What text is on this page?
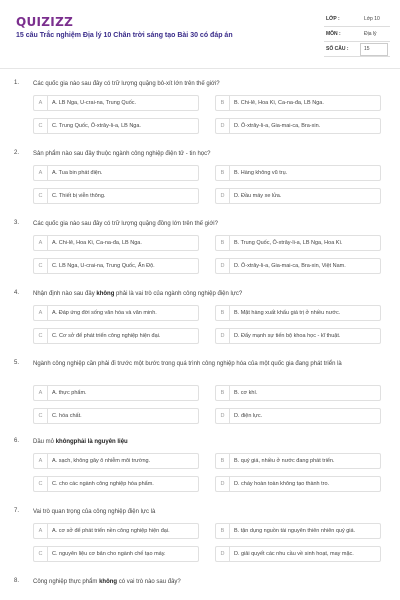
QUIZIZZ
15 câu Trắc nghiệm Địa lý 10 Chân trời sáng tạo Bài 30 có đáp án
LỚP :	Lớp 10
MÔN :	Địa lý
SỐ CÂU :	15
1. Các quốc gia nào sau đây có trữ lượng quặng bô-xít lớn trên thế giới?
A	A. LB Nga, U-crai-na, Trung Quốc.	B	B. Chi-lê, Hoa Kì, Ca-na-đa, LB Nga.
C	C. Trung Quốc, Ô-xtrây-li-a, LB Nga.	D	D. Ô-xtrây-li-a, Gia-mai-ca, Bra-xin.
2. Sản phẩm nào sau đây thuộc ngành công nghiệp điện tử - tin học?
A	A. Tua bin phát điện.	B	B. Hàng không vũ trụ.
C	C. Thiết bị viễn thông.	D	D. Đầu máy xe lửa.
3. Các quốc gia nào sau đây có trữ lượng quặng đồng lớn trên thế giới?
A	A. Chi-lê, Hoa Kì, Ca-na-đa, LB Nga.	B	B. Trung Quốc, Ô-xtrây-li-a, LB Nga, Hoa Kì.
C	C. LB Nga, U-crai-na, Trung Quốc, Ấn Độ.	D	D. Ô-xtrây-li-a, Gia-mai-ca, Bra-xin, Việt Nam.
4. Nhận định nào sau đây không phải là vai trò của ngành công nghiệp điện lực?
A	A. Đáp ứng đời sống văn hóa và văn minh.	B	B. Mặt hàng xuất khẩu giá trị ở nhiều nước.
C	C. Cơ sở để phát triển công nghiệp hiện đại.	D	D. Đẩy mạnh sự tiến bộ khoa học - kĩ thuật.
5. Ngành công nghiệp cần phải đi trước một bước trong quá trình công nghiệp hóa của một quốc gia đang phát triển là
A	A. thực phẩm.	B	B. cơ khí.
C	C. hóa chất.	D	D. điện lực.
6. Dầu mỏ khôngphải là nguyên liệu
A	A. sạch, không gây ô nhiễm môi trường.	B	B. quý giá, nhiều ở nước đang phát triển.
C	C. cho các ngành công nghiệp hóa phẩm.	D	D. cháy hoàn toàn không tạo thành tro.
7. Vai trò quan trọng của công nghiệp điện lực là
A	A. cơ sở để phát triển nền công nghiệp hiện đại.	B	B. tận dụng nguồn tài nguyên thiên nhiên quý giá.
C	C. nguyên liệu cơ bản cho ngành chế tạo máy.	D	D. giải quyết các nhu cầu về sinh hoạt, may mặc.
8. Công nghiệp thực phẩm không có vai trò nào sau đây?
